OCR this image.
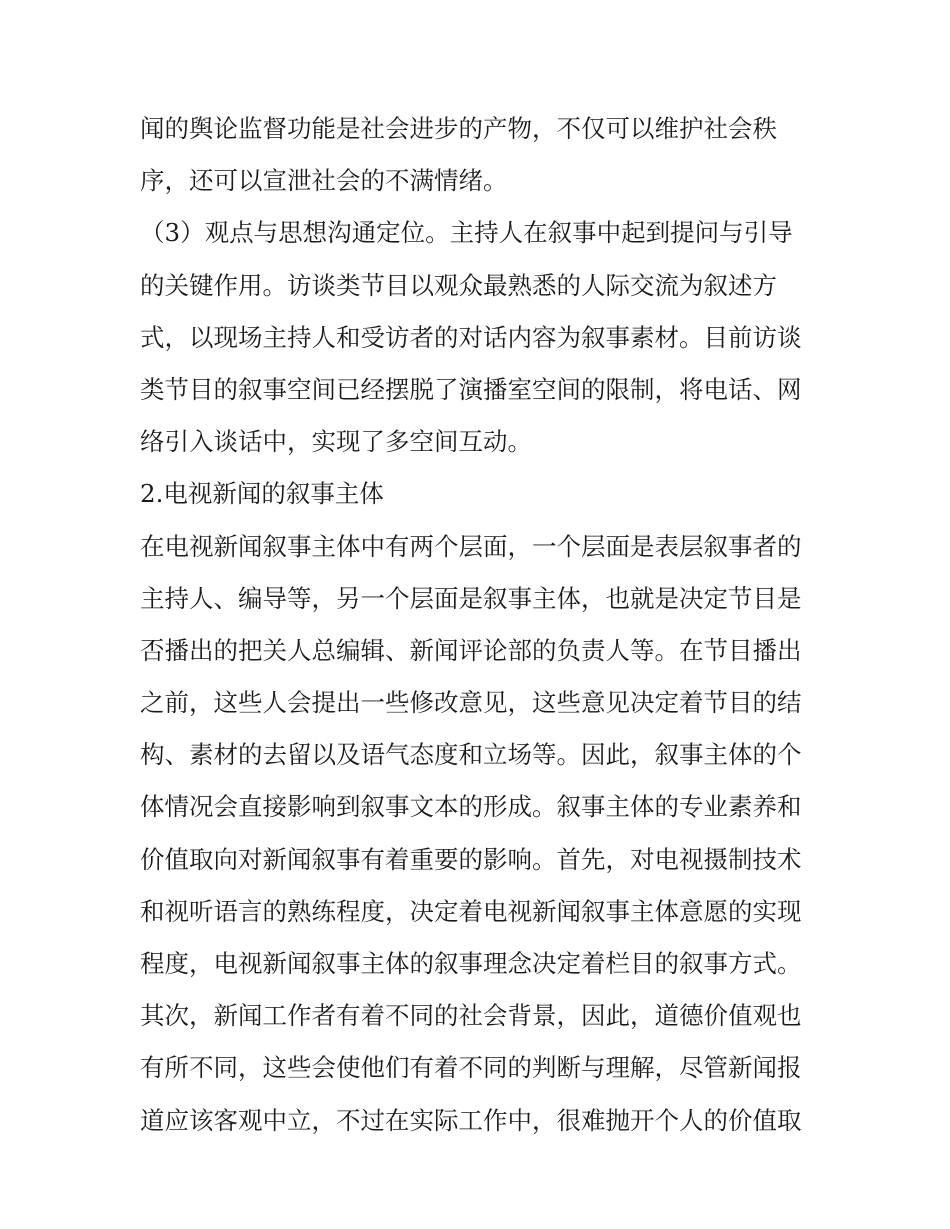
闻的舆论监督功能是社会进步的产物，不仅可以维护社会秩
序，还可以宣泄社会的不满情绪。
（3）观点与思想沟通定位。主持人在叙事中起到提问与引导
的关键作用。访谈类节目以观众最熟悉的人际交流为叙述方
式，以现场主持人和受访者的对话内容为叙事素材。目前访谈
类节目的叙事空间已经摆脱了演播室空间的限制，将电话、网
络引入谈话中，实现了多空间互动。
2.电视新闻的叙事主体
在电视新闻叙事主体中有两个层面，一个层面是表层叙事者的
主持人、编导等，另一个层面是叙事主体，也就是决定节目是
否播出的把关人总编辑、新闻评论部的负责人等。在节目播出
之前，这些人会提出一些修改意见，这些意见决定着节目的结
构、素材的去留以及语气态度和立场等。因此，叙事主体的个
体情况会直接影响到叙事文本的形成。叙事主体的专业素养和
价值取向对新闻叙事有着重要的影响。首先，对电视摄制技术
和视听语言的熟练程度，决定着电视新闻叙事主体意愿的实现
程度，电视新闻叙事主体的叙事理念决定着栏目的叙事方式。
其次，新闻工作者有着不同的社会背景，因此，道德价值观也
有所不同，这些会使他们有着不同的判断与理解，尽管新闻报
道应该客观中立，不过在实际工作中，很难抛开个人的价值取
